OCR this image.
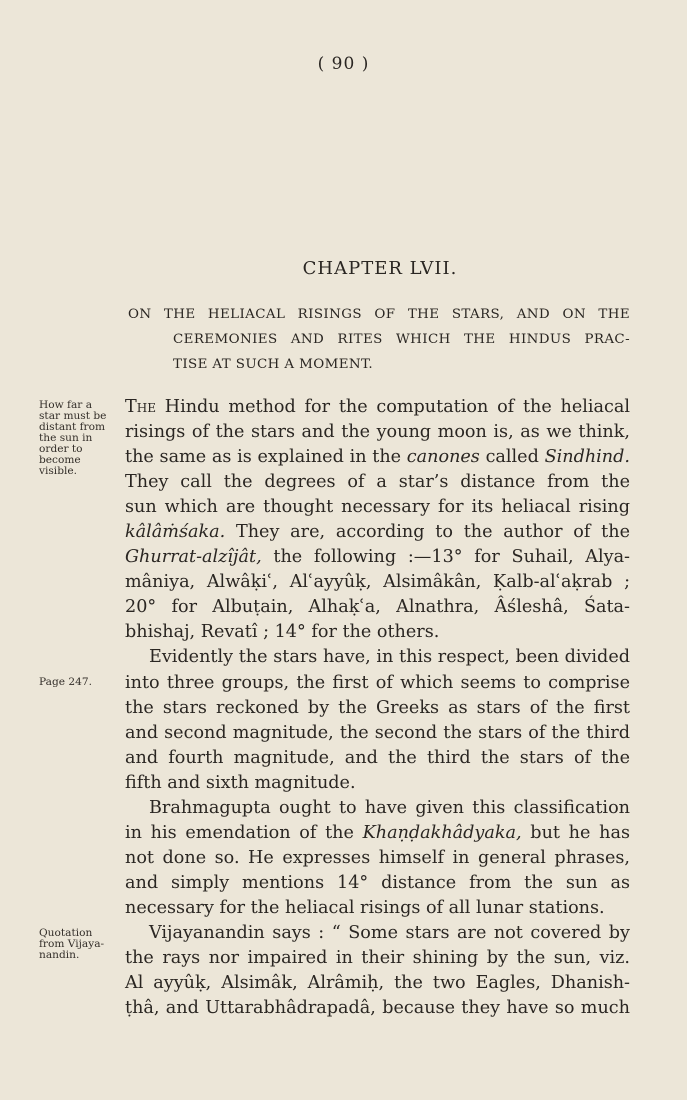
( 90 )
CHAPTER LVII.
ON THE HELIACAL RISINGS OF THE STARS, AND ON THE
CEREMONIES AND RITES WHICH THE HINDUS PRAC-
TISE AT SUCH A MOMENT.
How far a
star must be
distant from
the sun in
order to
become
visible.
Page 247.
Quotation
from Vijaya-
nandin.
The Hindu method for the computation of the heliacal
risings of the stars and the young moon is, as we think,
the same as is explained in the canones called Sindhind.
They call the degrees of a star’s distance from the
sun which are thought necessary for its heliacal rising
kâlâṁśaka. They are, according to the author of the
Ghurrat-alzîjât, the following :—13° for Suhail, Alya-
mâniya, Alwâḳiʿ, Alʿayyûḳ, Alsimâkân, Ḳalb-alʿaḳrab ;
20° for Albuṭain, Alhaḳʿa, Alnathra, Âśleshâ, Śata-
bhishaj, Revatî ; 14° for the others.
Evidently the stars have, in this respect, been divided
into three groups, the first of which seems to comprise
the stars reckoned by the Greeks as stars of the first
and second magnitude, the second the stars of the third
and fourth magnitude, and the third the stars of the
fifth and sixth magnitude.
Brahmagupta ought to have given this classification
in his emendation of the Khaṇḍakhâdyaka, but he has
not done so. He expresses himself in general phrases,
and simply mentions 14° distance from the sun as
necessary for the heliacal risings of all lunar stations.
Vijayanandin says : “ Some stars are not covered by
the rays nor impaired in their shining by the sun, viz.
Al ayyûḳ, Alsimâk, Alrâmiḥ, the two Eagles, Dhanish-
ṭhâ, and Uttarabhâdrapadâ, because they have so much
